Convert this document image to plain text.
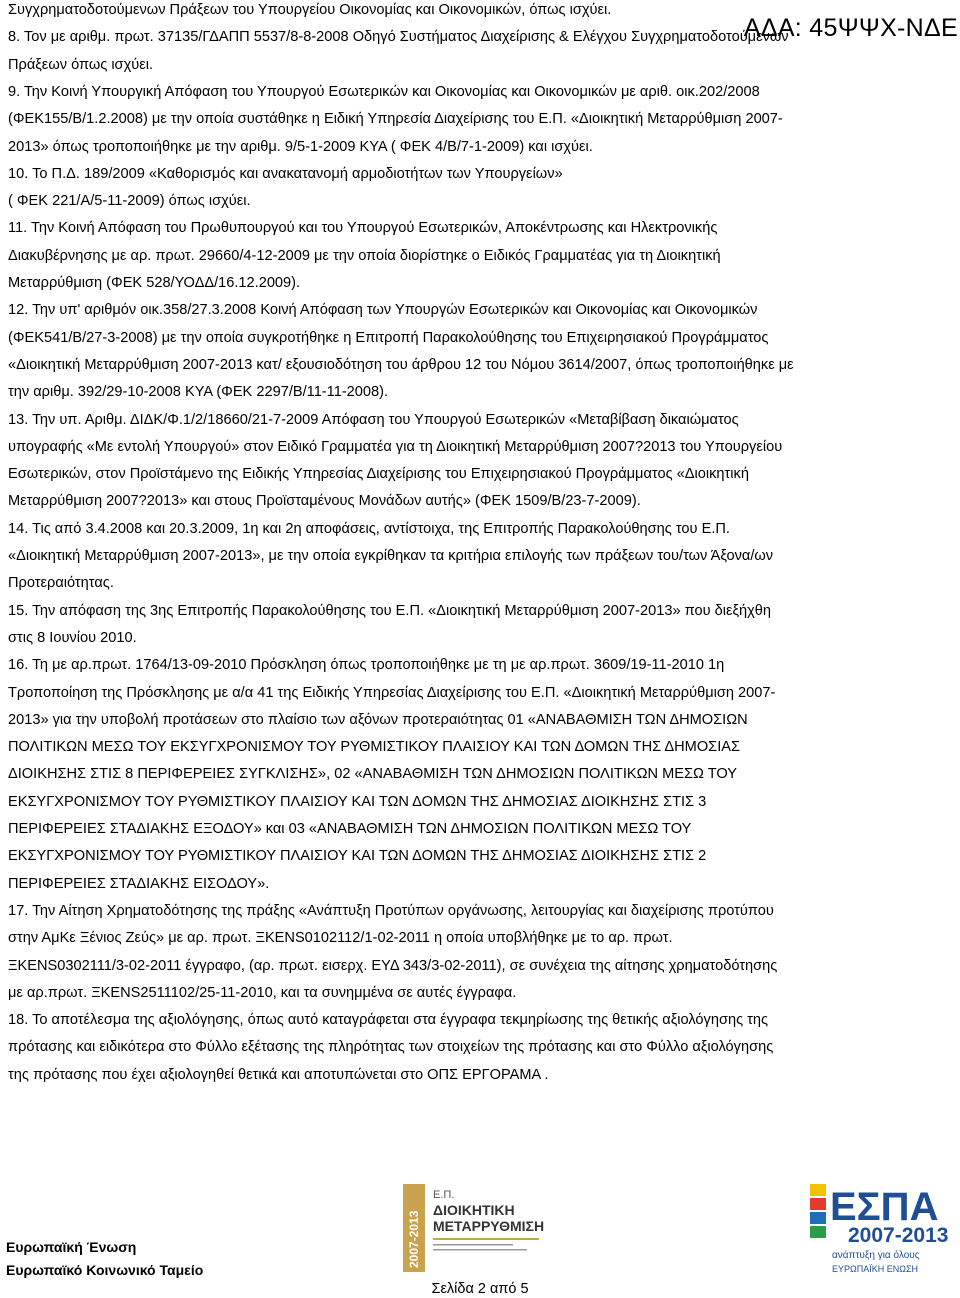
ΑΔΑ: 45ΨΨΧ-ΝΔΕ
Συγχρηματοδοτούμενων Πράξεων του Υπουργείου Οικονομίας και Οικονομικών, όπως ισχύει.
8. Τον με αριθμ. πρωτ. 37135/ΓΔΑΠΠ 5537/8-8-2008 Οδηγό Συστήματος Διαχείρισης & Ελέγχου Συγχρηματοδοτούμενων
Πράξεων όπως ισχύει.
9. Την Κοινή Υπουργική Απόφαση του Υπουργού Εσωτερικών και Οικονομίας και Οικονομικών με αριθ. οικ.202/2008
(ΦΕΚ155/Β/1.2.2008) με την οποία συστάθηκε η Ειδική Υπηρεσία Διαχείρισης του Ε.Π. «Διοικητική Μεταρρύθμιση 2007-
2013» όπως τροποποιήθηκε με την αριθμ. 9/5-1-2009 ΚΥΑ ( ΦΕΚ 4/Β/7-1-2009) και ισχύει.
10. Το Π.Δ. 189/2009 «Καθορισμός και ανακατανομή αρμοδιοτήτων των Υπουργείων»
( ΦΕΚ 221/Α/5-11-2009) όπως ισχύει.
11. Την Κοινή Απόφαση του Πρωθυπουργού και του Υπουργού Εσωτερικών, Αποκέντρωσης και Ηλεκτρονικής
Διακυβέρνησης με αρ. πρωτ. 29660/4-12-2009 με την οποία διορίστηκε ο Ειδικός Γραμματέας για τη Διοικητική
Μεταρρύθμιση (ΦΕΚ 528/ΥΟΔΔ/16.12.2009).
12. Την υπ' αριθμόν οικ.358/27.3.2008 Κοινή Απόφαση των Υπουργών Εσωτερικών και Οικονομίας και Οικονομικών
(ΦΕΚ541/Β/27-3-2008) με την οποία συγκροτήθηκε η Επιτροπή Παρακολούθησης του Επιχειρησιακού Προγράμματος
«Διοικητική Μεταρρύθμιση 2007-2013 κατ/ εξουσιοδότηση του άρθρου 12 του Νόμου 3614/2007, όπως τροποποιήθηκε με
την αριθμ. 392/29-10-2008 ΚΥΑ (ΦΕΚ 2297/Β/11-11-2008).
13. Την υπ. Αριθμ. ΔΙΔΚ/Φ.1/2/18660/21-7-2009 Απόφαση του Υπουργού Εσωτερικών «Μεταβίβαση δικαιώματος
υπογραφής «Με εντολή Υπουργού» στον Ειδικό Γραμματέα για τη Διοικητική Μεταρρύθμιση 2007?2013 του Υπουργείου
Εσωτερικών, στον Προϊστάμενο της Ειδικής Υπηρεσίας Διαχείρισης του Επιχειρησιακού Προγράμματος «Διοικητική
Μεταρρύθμιση 2007?2013» και στους Προϊσταμένους Μονάδων αυτής» (ΦΕΚ 1509/Β/23-7-2009).
14. Τις από 3.4.2008 και 20.3.2009, 1η και 2η αποφάσεις, αντίστοιχα, της Επιτροπής Παρακολούθησης του Ε.Π.
«Διοικητική Μεταρρύθμιση 2007-2013», με την οποία εγκρίθηκαν τα κριτήρια επιλογής των πράξεων του/των Άξονα/ων
Προτεραιότητας.
15. Την απόφαση της 3ης Επιτροπής Παρακολούθησης του Ε.Π. «Διοικητική Μεταρρύθμιση 2007-2013» που διεξήχθη
στις 8 Ιουνίου 2010.
16. Τη με αρ.πρωτ. 1764/13-09-2010 Πρόσκληση όπως τροποποιήθηκε με τη με αρ.πρωτ. 3609/19-11-2010 1η
Τροποποίηση της Πρόσκλησης με α/α 41 της Ειδικής Υπηρεσίας Διαχείρισης του Ε.Π. «Διοικητική Μεταρρύθμιση 2007-
2013» για την υποβολή προτάσεων στο πλαίσιο των αξόνων προτεραιότητας 01 «ΑΝΑΒΑΘΜΙΣΗ ΤΩΝ ΔΗΜΟΣΙΩΝ
ΠΟΛΙΤΙΚΩΝ ΜΕΣΩ ΤΟΥ ΕΚΣΥΓΧΡΟΝΙΣΜΟΥ ΤΟΥ ΡΥΘΜΙΣΤΙΚΟΥ ΠΛΑΙΣΙΟΥ ΚΑΙ ΤΩΝ ΔΟΜΩΝ ΤΗΣ ΔΗΜΟΣΙΑΣ
ΔΙΟΙΚΗΣΗΣ ΣΤΙΣ 8 ΠΕΡΙΦΕΡΕΙΕΣ ΣΥΓΚΛΙΣΗΣ», 02 «ΑΝΑΒΑΘΜΙΣΗ ΤΩΝ ΔΗΜΟΣΙΩΝ ΠΟΛΙΤΙΚΩΝ ΜΕΣΩ ΤΟΥ
ΕΚΣΥΓΧΡΟΝΙΣΜΟΥ ΤΟΥ ΡΥΘΜΙΣΤΙΚΟΥ ΠΛΑΙΣΙΟΥ ΚΑΙ ΤΩΝ ΔΟΜΩΝ ΤΗΣ ΔΗΜΟΣΙΑΣ ΔΙΟΙΚΗΣΗΣ ΣΤΙΣ 3
ΠΕΡΙΦΕΡΕΙΕΣ ΣΤΑΔΙΑΚΗΣ ΕΞΟΔΟΥ» και 03 «ΑΝΑΒΑΘΜΙΣΗ ΤΩΝ ΔΗΜΟΣΙΩΝ ΠΟΛΙΤΙΚΩΝ ΜΕΣΩ ΤΟΥ
ΕΚΣΥΓΧΡΟΝΙΣΜΟΥ ΤΟΥ ΡΥΘΜΙΣΤΙΚΟΥ ΠΛΑΙΣΙΟΥ ΚΑΙ ΤΩΝ ΔΟΜΩΝ ΤΗΣ ΔΗΜΟΣΙΑΣ ΔΙΟΙΚΗΣΗΣ ΣΤΙΣ 2
ΠΕΡΙΦΕΡΕΙΕΣ ΣΤΑΔΙΑΚΗΣ ΕΙΣΟΔΟΥ».
17. Την Αίτηση Χρηματοδότησης της πράξης «Ανάπτυξη Προτύπων οργάνωσης, λειτουργίας και διαχείρισης προτύπου
στην ΑμΚε Ξένιος Ζεύς» με αρ. πρωτ. ΞΚΕΝS0102112/1-02-2011 η οποία υποβλήθηκε με το αρ. πρωτ.
ΞΚΕΝS0302111/3-02-2011 έγγραφο, (αρ. πρωτ. εισερχ. ΕΥΔ 343/3-02-2011), σε συνέχεια της αίτησης χρηματοδότησης
με αρ.πρωτ. ΞΚΕΝS2511102/25-11-2010, και τα συνημμένα σε αυτές έγγραφα.
18. Το αποτέλεσμα της αξιολόγησης, όπως αυτό καταγράφεται στα έγγραφα τεκμηρίωσης της θετικής αξιολόγησης της
πρότασης και ειδικότερα στο Φύλλο εξέτασης της πληρότητας των στοιχείων της πρότασης και στο Φύλλο αξιολόγησης
της πρότασης που έχει αξιολογηθεί θετικά και αποτυπώνεται στο ΟΠΣ ΕΡΓΟΡΑΜΑ .
2007-2013
Ε.Π.
ΔΙΟΙΚΗΤΙΚΗ
ΜΕΤΑΡΡΥΘΜΙΣΗ	ΕΣΠΑ
2007-2013
ανάπτυξη για όλους
ΕΥΡΩΠΑΪΚΗ ΕΝΩΣΗ
Ευρωπαϊκή Ένωση
Ευρωπαϊκό Κοινωνικό Ταμείο
Σελίδα 2 από 5
